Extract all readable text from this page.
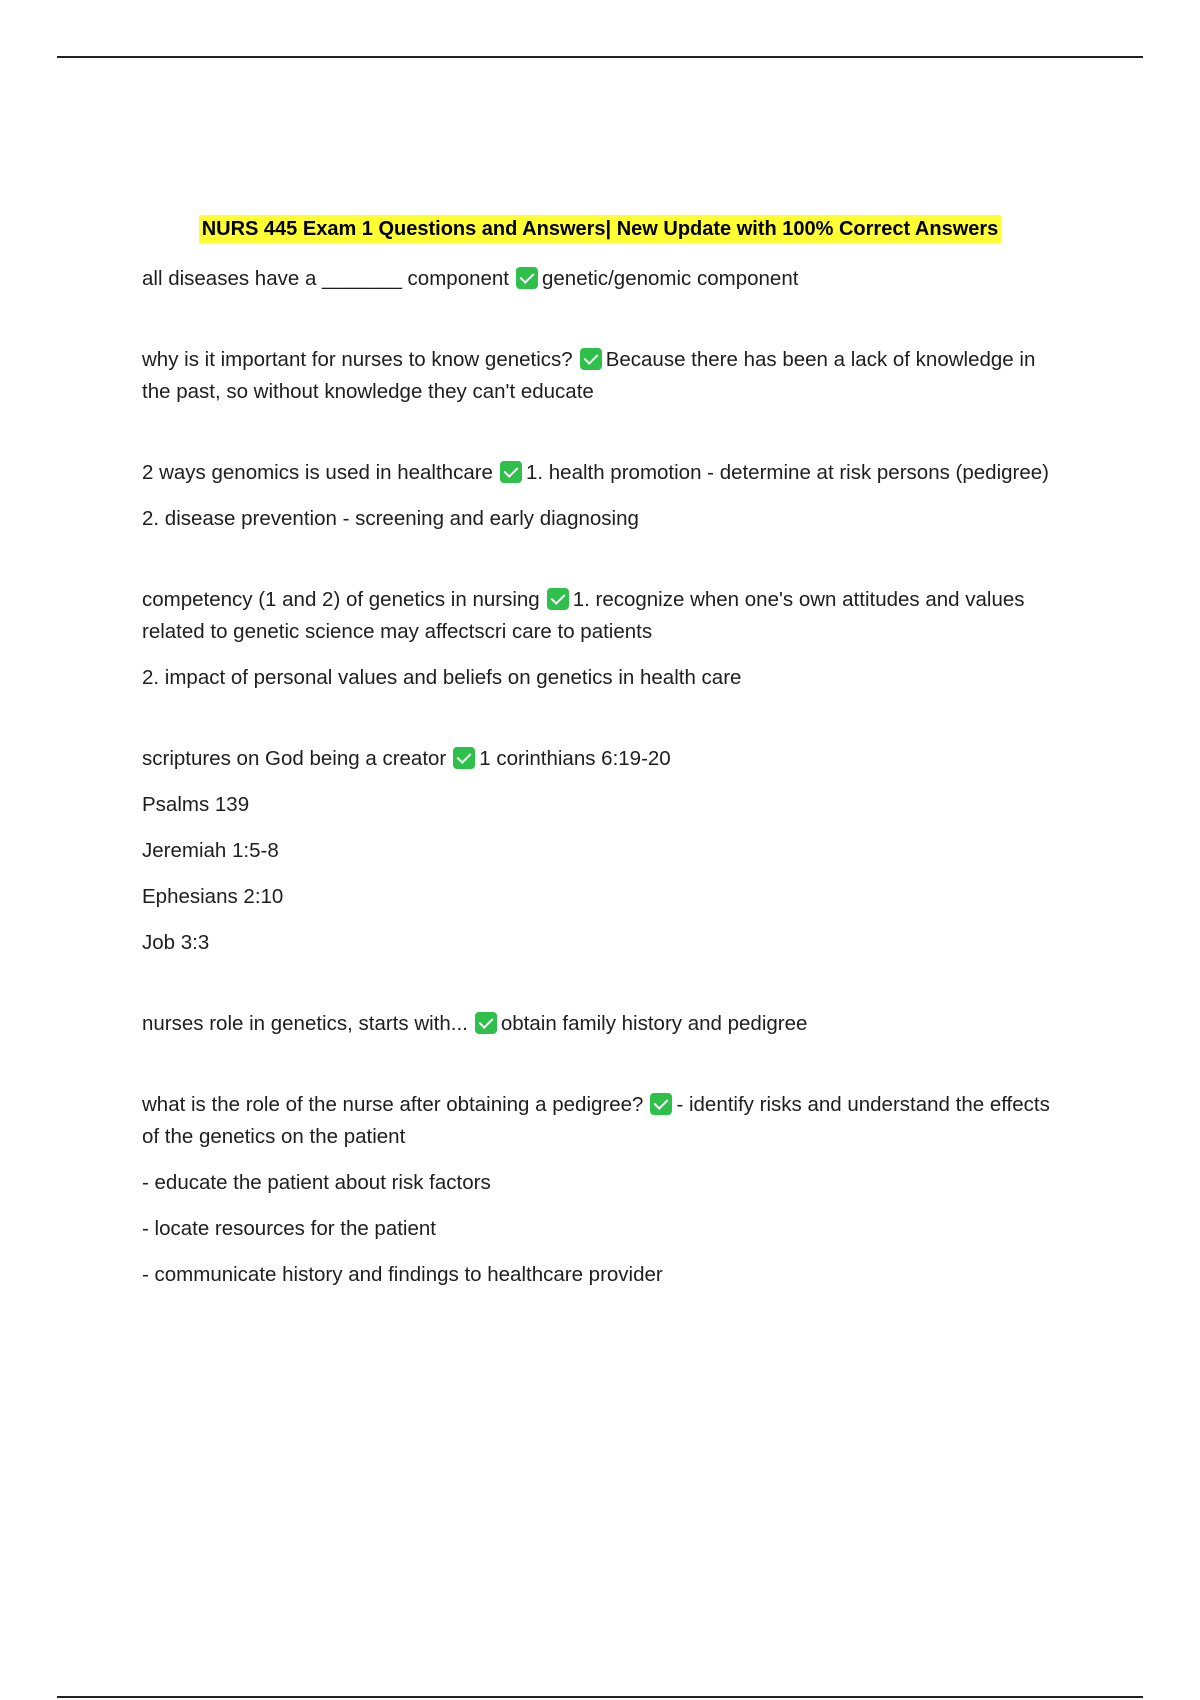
NURS 445 Exam 1 Questions and Answers| New Update with 100% Correct Answers

all diseases have a _______ component genetic/genomic component

why is it important for nurses to know genetics? Because there has been a lack of knowledge in the past, so without knowledge they can't educate

2 ways genomics is used in healthcare 1. health promotion - determine at risk persons (pedigree)

2. disease prevention - screening and early diagnosing

competency (1 and 2) of genetics in nursing 1. recognize when one's own attitudes and values related to genetic science may affectscri care to patients

2. impact of personal values and beliefs on genetics in health care

scriptures on God being a creator 1 corinthians 6:19-20

Psalms 139

Jeremiah 1:5-8

Ephesians 2:10

Job 3:3

nurses role in genetics, starts with... obtain family history and pedigree

what is the role of the nurse after obtaining a pedigree? - identify risks and understand the effects of the genetics on the patient

- educate the patient about risk factors

- locate resources for the patient

- communicate history and findings to healthcare provider
